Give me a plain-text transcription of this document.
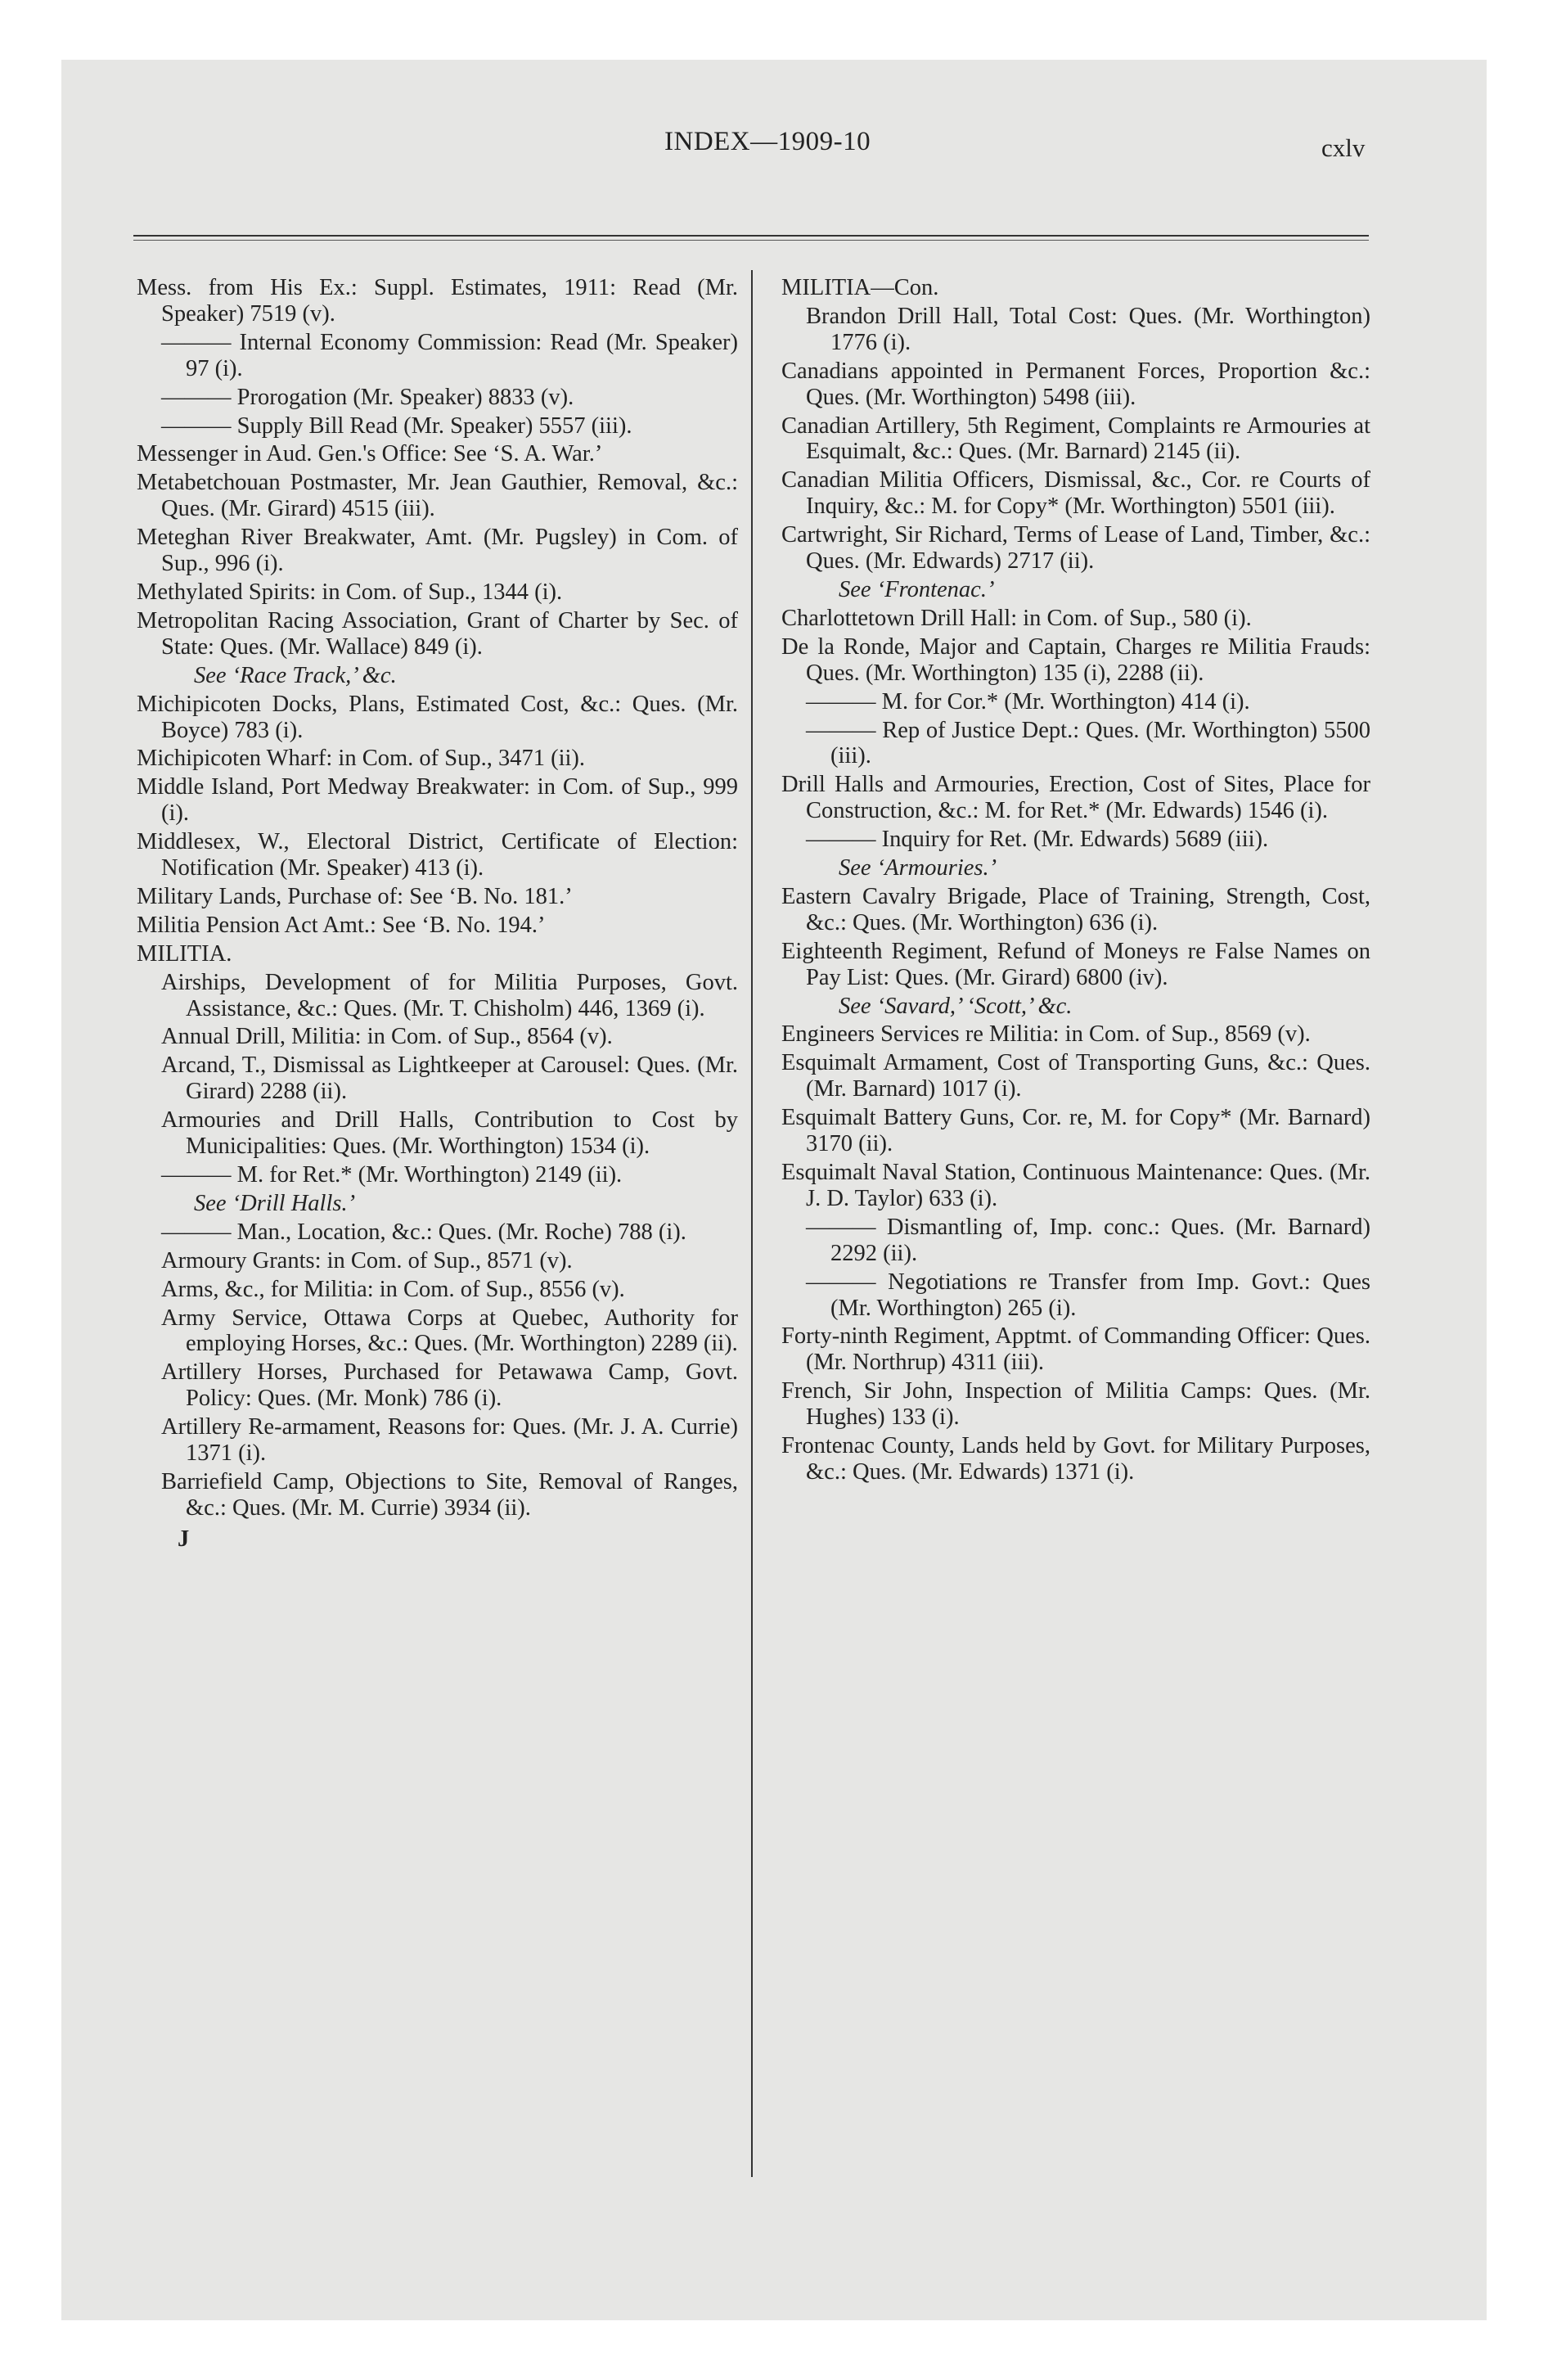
INDEX—1909-10	cxlv

Mess. from His Ex.: Suppl. Estimates, 1911: Read (Mr. Speaker) 7519 (v).

——— Internal Economy Commission: Read (Mr. Speaker) 97 (i).

——— Prorogation (Mr. Speaker) 8833 (v).

——— Supply Bill Read (Mr. Speaker) 5557 (iii).

Messenger in Aud. Gen.'s Office: See ‘S. A. War.’

Metabetchouan Postmaster, Mr. Jean Gauthier, Removal, &c.: Ques. (Mr. Girard) 4515 (iii).

Meteghan River Breakwater, Amt. (Mr. Pugsley) in Com. of Sup., 996 (i).

Methylated Spirits: in Com. of Sup., 1344 (i).

Metropolitan Racing Association, Grant of Charter by Sec. of State: Ques. (Mr. Wallace) 849 (i).

See ‘Race Track,’ &c.

Michipicoten Docks, Plans, Estimated Cost, &c.: Ques. (Mr. Boyce) 783 (i).

Michipicoten Wharf: in Com. of Sup., 3471 (ii).

Middle Island, Port Medway Breakwater: in Com. of Sup., 999 (i).

Middlesex, W., Electoral District, Certificate of Election: Notification (Mr. Speaker) 413 (i).

Military Lands, Purchase of: See ‘B. No. 181.’

Militia Pension Act Amt.: See ‘B. No. 194.’

MILITIA.

Airships, Development of for Militia Purposes, Govt. Assistance, &c.: Ques. (Mr. T. Chisholm) 446, 1369 (i).

Annual Drill, Militia: in Com. of Sup., 8564 (v).

Arcand, T., Dismissal as Lightkeeper at Carousel: Ques. (Mr. Girard) 2288 (ii).

Armouries and Drill Halls, Contribution to Cost by Municipalities: Ques. (Mr. Worthington) 1534 (i).

——— M. for Ret.* (Mr. Worthington) 2149 (ii).

See ‘Drill Halls.’

——— Man., Location, &c.: Ques. (Mr. Roche) 788 (i).

Armoury Grants: in Com. of Sup., 8571 (v).

Arms, &c., for Militia: in Com. of Sup., 8556 (v).

Army Service, Ottawa Corps at Quebec, Authority for employing Horses, &c.: Ques. (Mr. Worthington) 2289 (ii).

Artillery Horses, Purchased for Petawawa Camp, Govt. Policy: Ques. (Mr. Monk) 786 (i).

Artillery Re-armament, Reasons for: Ques. (Mr. J. A. Currie) 1371 (i).

Barriefield Camp, Objections to Site, Removal of Ranges, &c.: Ques. (Mr. M. Currie) 3934 (ii).

J

MILITIA—Con.

Brandon Drill Hall, Total Cost: Ques. (Mr. Worthington) 1776 (i).

Canadians appointed in Permanent Forces, Proportion &c.: Ques. (Mr. Worthington) 5498 (iii).

Canadian Artillery, 5th Regiment, Complaints re Armouries at Esquimalt, &c.: Ques. (Mr. Barnard) 2145 (ii).

Canadian Militia Officers, Dismissal, &c., Cor. re Courts of Inquiry, &c.: M. for Copy* (Mr. Worthington) 5501 (iii).

Cartwright, Sir Richard, Terms of Lease of Land, Timber, &c.: Ques. (Mr. Edwards) 2717 (ii).

See ‘Frontenac.’

Charlottetown Drill Hall: in Com. of Sup., 580 (i).

De la Ronde, Major and Captain, Charges re Militia Frauds: Ques. (Mr. Worthington) 135 (i), 2288 (ii).

——— M. for Cor.* (Mr. Worthington) 414 (i).

——— Rep of Justice Dept.: Ques. (Mr. Worthington) 5500 (iii).

Drill Halls and Armouries, Erection, Cost of Sites, Place for Construction, &c.: M. for Ret.* (Mr. Edwards) 1546 (i).

——— Inquiry for Ret. (Mr. Edwards) 5689 (iii).

See ‘Armouries.’

Eastern Cavalry Brigade, Place of Training, Strength, Cost, &c.: Ques. (Mr. Worthington) 636 (i).

Eighteenth Regiment, Refund of Moneys re False Names on Pay List: Ques. (Mr. Girard) 6800 (iv).

See ‘Savard,’ ‘Scott,’ &c.

Engineers Services re Militia: in Com. of Sup., 8569 (v).

Esquimalt Armament, Cost of Transporting Guns, &c.: Ques. (Mr. Barnard) 1017 (i).

Esquimalt Battery Guns, Cor. re, M. for Copy* (Mr. Barnard) 3170 (ii).

Esquimalt Naval Station, Continuous Maintenance: Ques. (Mr. J. D. Taylor) 633 (i).

——— Dismantling of, Imp. conc.: Ques. (Mr. Barnard) 2292 (ii).

——— Negotiations re Transfer from Imp. Govt.: Ques (Mr. Worthington) 265 (i).

Forty-ninth Regiment, Apptmt. of Commanding Officer: Ques. (Mr. Northrup) 4311 (iii).

French, Sir John, Inspection of Militia Camps: Ques. (Mr. Hughes) 133 (i).

Frontenac County, Lands held by Govt. for Military Purposes, &c.: Ques. (Mr. Edwards) 1371 (i).
